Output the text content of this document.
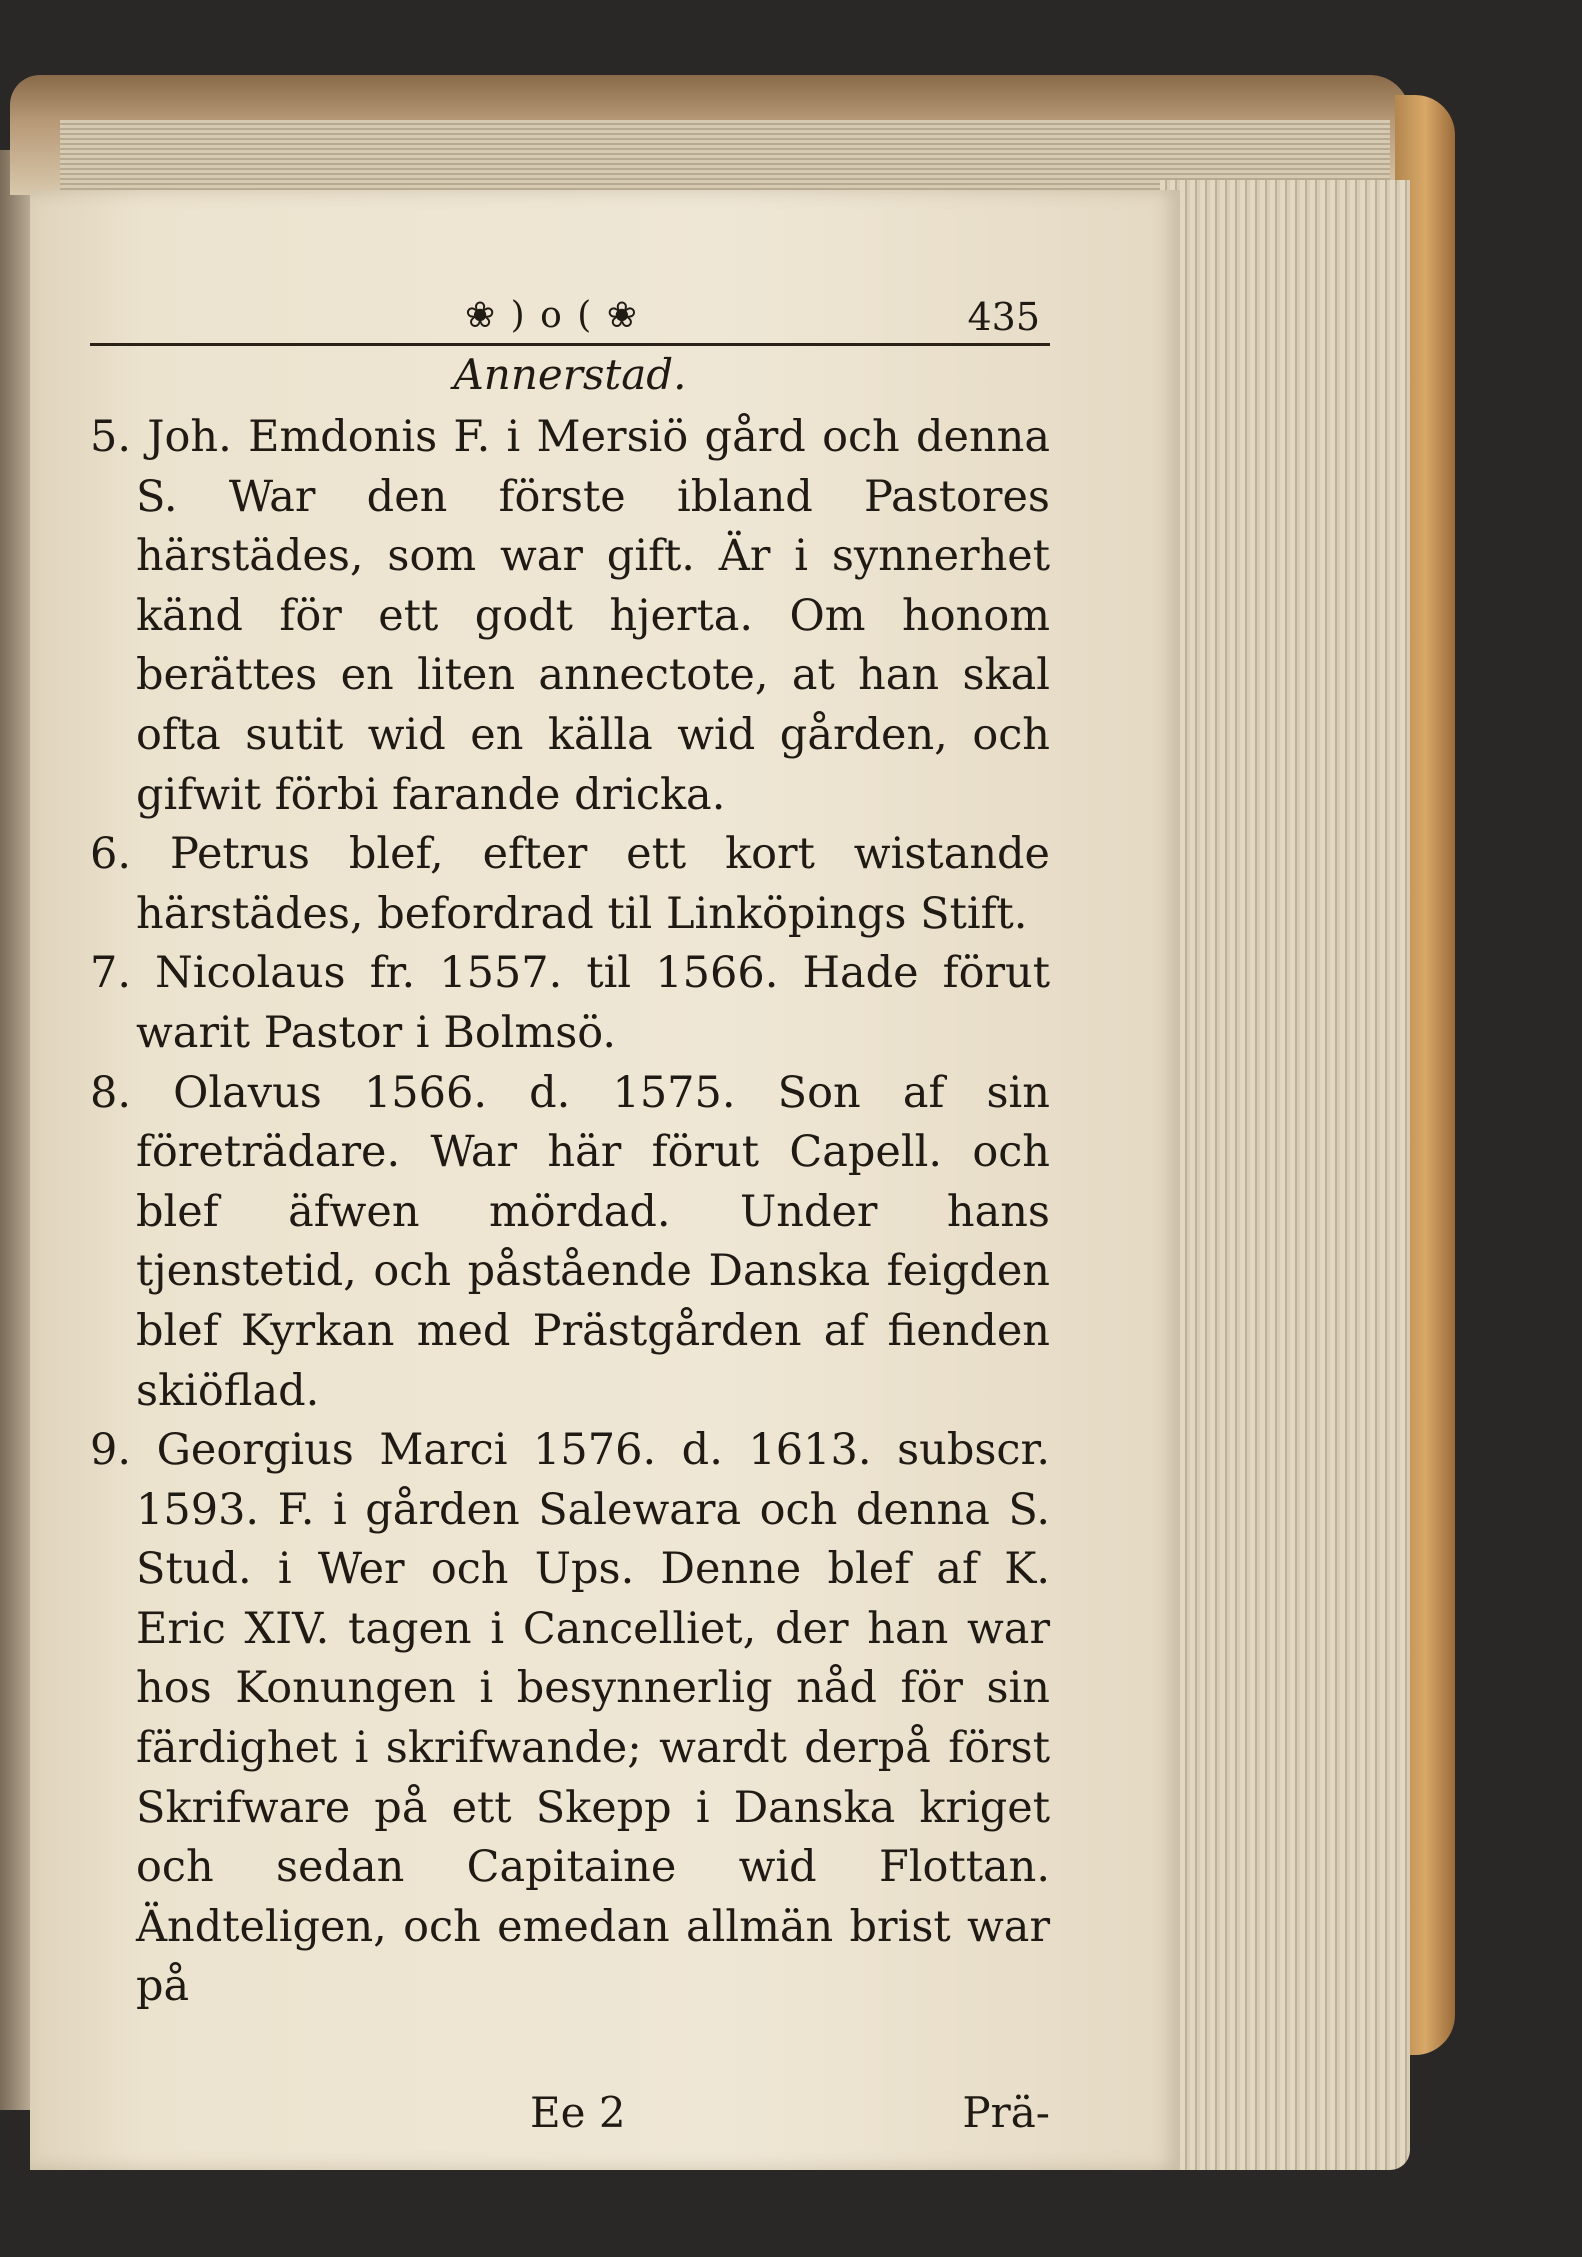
❀ ) o ( ❀	435
Annerstad.

5. Joh. Emdonis F. i Mersiö gård och denna S. War den förste ibland Pastores härstädes, som war gift. Är i synnerhet känd för ett godt hjerta. Om honom berättes en liten annectote, at han skal ofta sutit wid en källa wid gården, och gifwit förbi farande dricka.

6. Petrus blef, efter ett kort wistande härstädes, befordrad til Linköpings Stift.

7. Nicolaus fr. 1557. til 1566. Hade förut warit Pastor i Bolmsö.

8. Olavus 1566. d. 1575. Son af sin företrädare. War här förut Capell. och blef äfwen mördad. Under hans tjenstetid, och påstående Danska feigden blef Kyrkan med Prästgården af fienden skiöflad.

9. Georgius Marci 1576. d. 1613. subscr. 1593. F. i gården Salewara och denna S. Stud. i Wer och Ups. Denne blef af K. Eric XIV. tagen i Cancelliet, der han war hos Konungen i besynnerlig nåd för sin färdighet i skrifwande; wardt derpå först Skrifware på ett Skepp i Danska kriget och sedan Capitaine wid Flottan. Ändteligen, och emedan allmän brist war på

Ee 2	Prä-
